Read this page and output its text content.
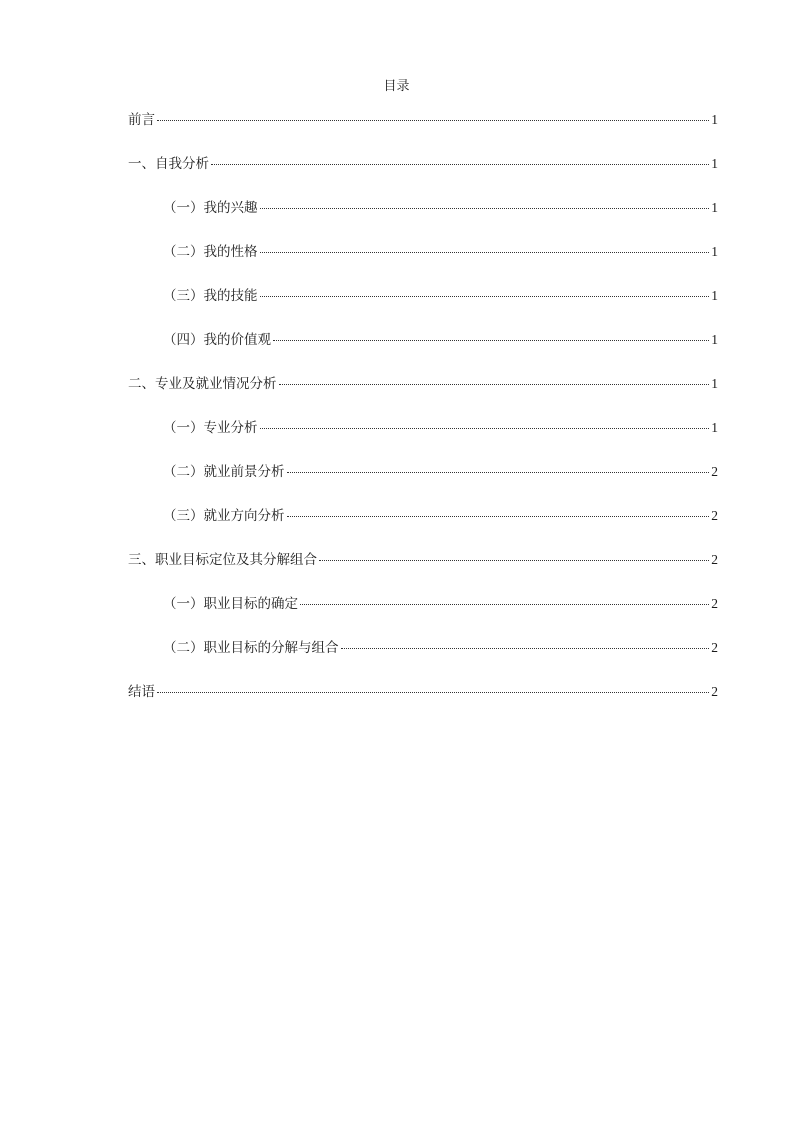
目录
前言	1
一、自我分析	1
（一）我的兴趣	1
（二）我的性格	1
（三）我的技能	1
（四）我的价值观	1
二、专业及就业情况分析	1
（一）专业分析	1
（二）就业前景分析	2
（三）就业方向分析	2
三、职业目标定位及其分解组合	2
（一）职业目标的确定	2
（二）职业目标的分解与组合	2
结语	2
